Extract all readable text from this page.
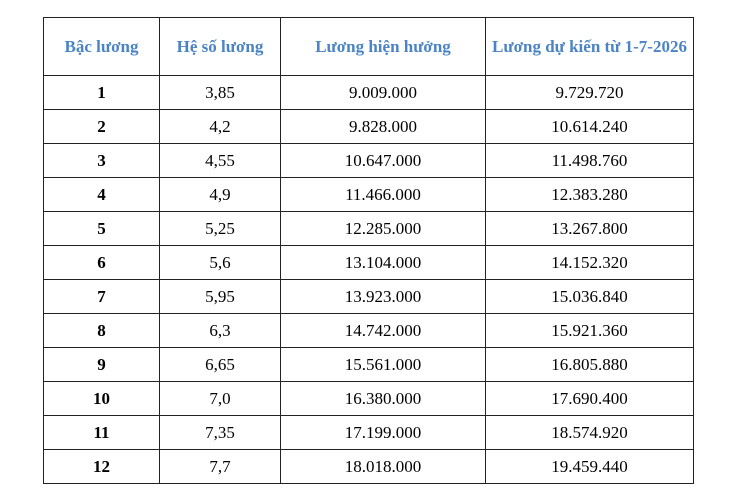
Bậc lương	Hệ số lương	Lương hiện hưởng	Lương dự kiến từ 1-7-2026
1	3,85	9.009.000	9.729.720
2	4,2	9.828.000	10.614.240
3	4,55	10.647.000	11.498.760
4	4,9	11.466.000	12.383.280
5	5,25	12.285.000	13.267.800
6	5,6	13.104.000	14.152.320
7	5,95	13.923.000	15.036.840
8	6,3	14.742.000	15.921.360
9	6,65	15.561.000	16.805.880
10	7,0	16.380.000	17.690.400
11	7,35	17.199.000	18.574.920
12	7,7	18.018.000	19.459.440
